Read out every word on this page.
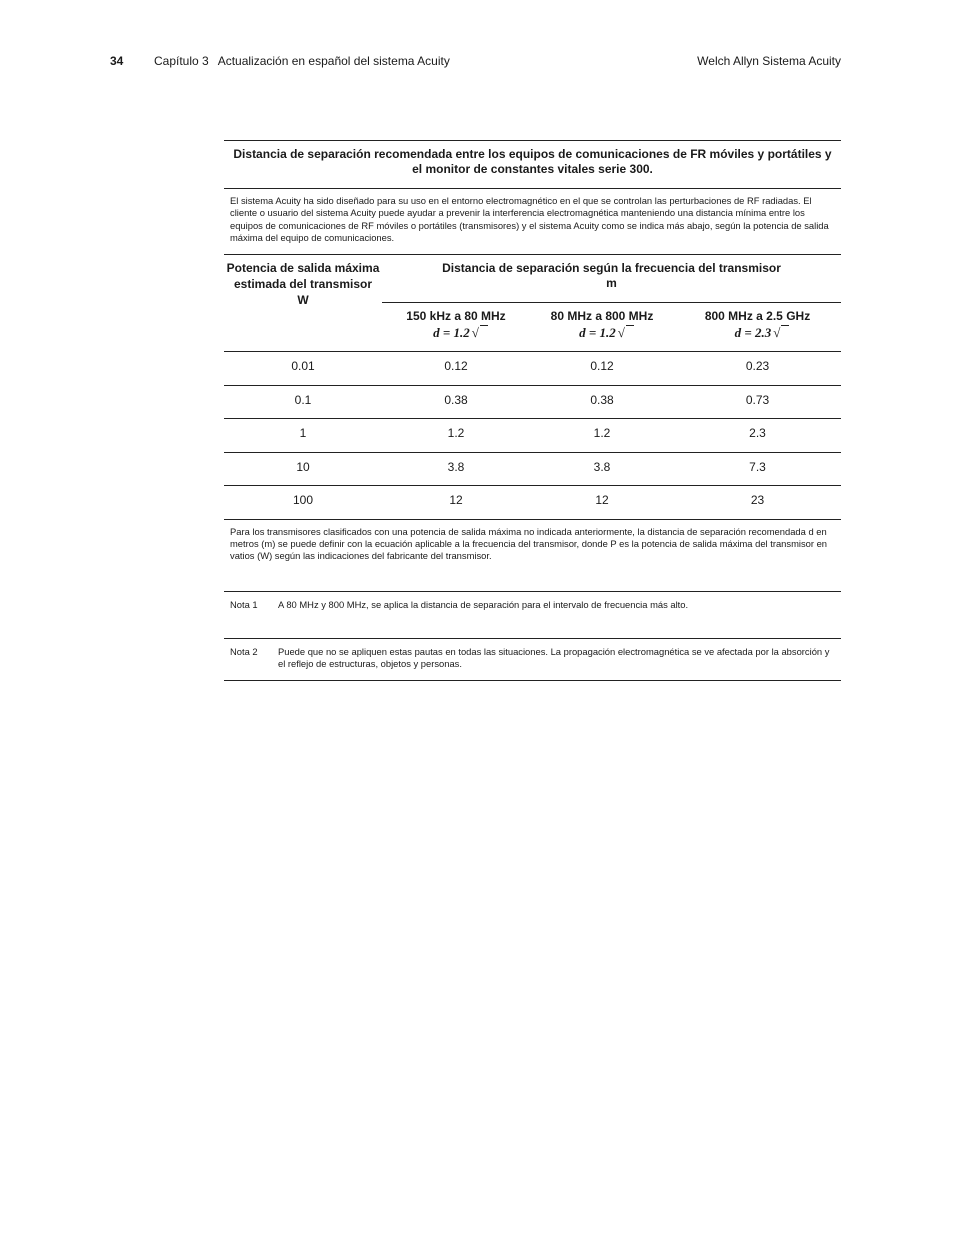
34	Capítulo 3 Actualización en español del sistema Acuity	Welch Allyn Sistema Acuity
Distancia de separación recomendada entre los equipos de comunicaciones de FR móviles y portátiles y el monitor de constantes vitales serie 300.
El sistema Acuity ha sido diseñado para su uso en el entorno electromagnético en el que se controlan las perturbaciones de RF radiadas. El cliente o usuario del sistema Acuity puede ayudar a prevenir la interferencia electromagnética manteniendo una distancia mínima entre los equipos de comunicaciones de RF móviles o portátiles (transmisores) y el sistema Acuity como se indica más abajo, según la potencia de salida máxima del equipo de comunicaciones.
Potencia de salida máxima estimada del transmisor
W
Distancia de separación según la frecuencia del transmisor
m
150 kHz a 80 MHz
d = 1.2 √
80 MHz a 800 MHz
d = 1.2 √
800 MHz a 2.5 GHz
d = 2.3 √
0.01	0.12	0.12	0.23
0.1	0.38	0.38	0.73
1	1.2	1.2	2.3
10	3.8	3.8	7.3
100	12	12	23
Para los transmisores clasificados con una potencia de salida máxima no indicada anteriormente, la distancia de separación recomendada d en metros (m) se puede definir con la ecuación aplicable a la frecuencia del transmisor, donde P es la potencia de salida máxima del transmisor en vatios (W) según las indicaciones del fabricante del transmisor.
Nota 1	A 80 MHz y 800 MHz, se aplica la distancia de separación para el intervalo de frecuencia más alto.
Nota 2	Puede que no se apliquen estas pautas en todas las situaciones. La propagación electromagnética se ve afectada por la absorción y el reflejo de estructuras, objetos y personas.
